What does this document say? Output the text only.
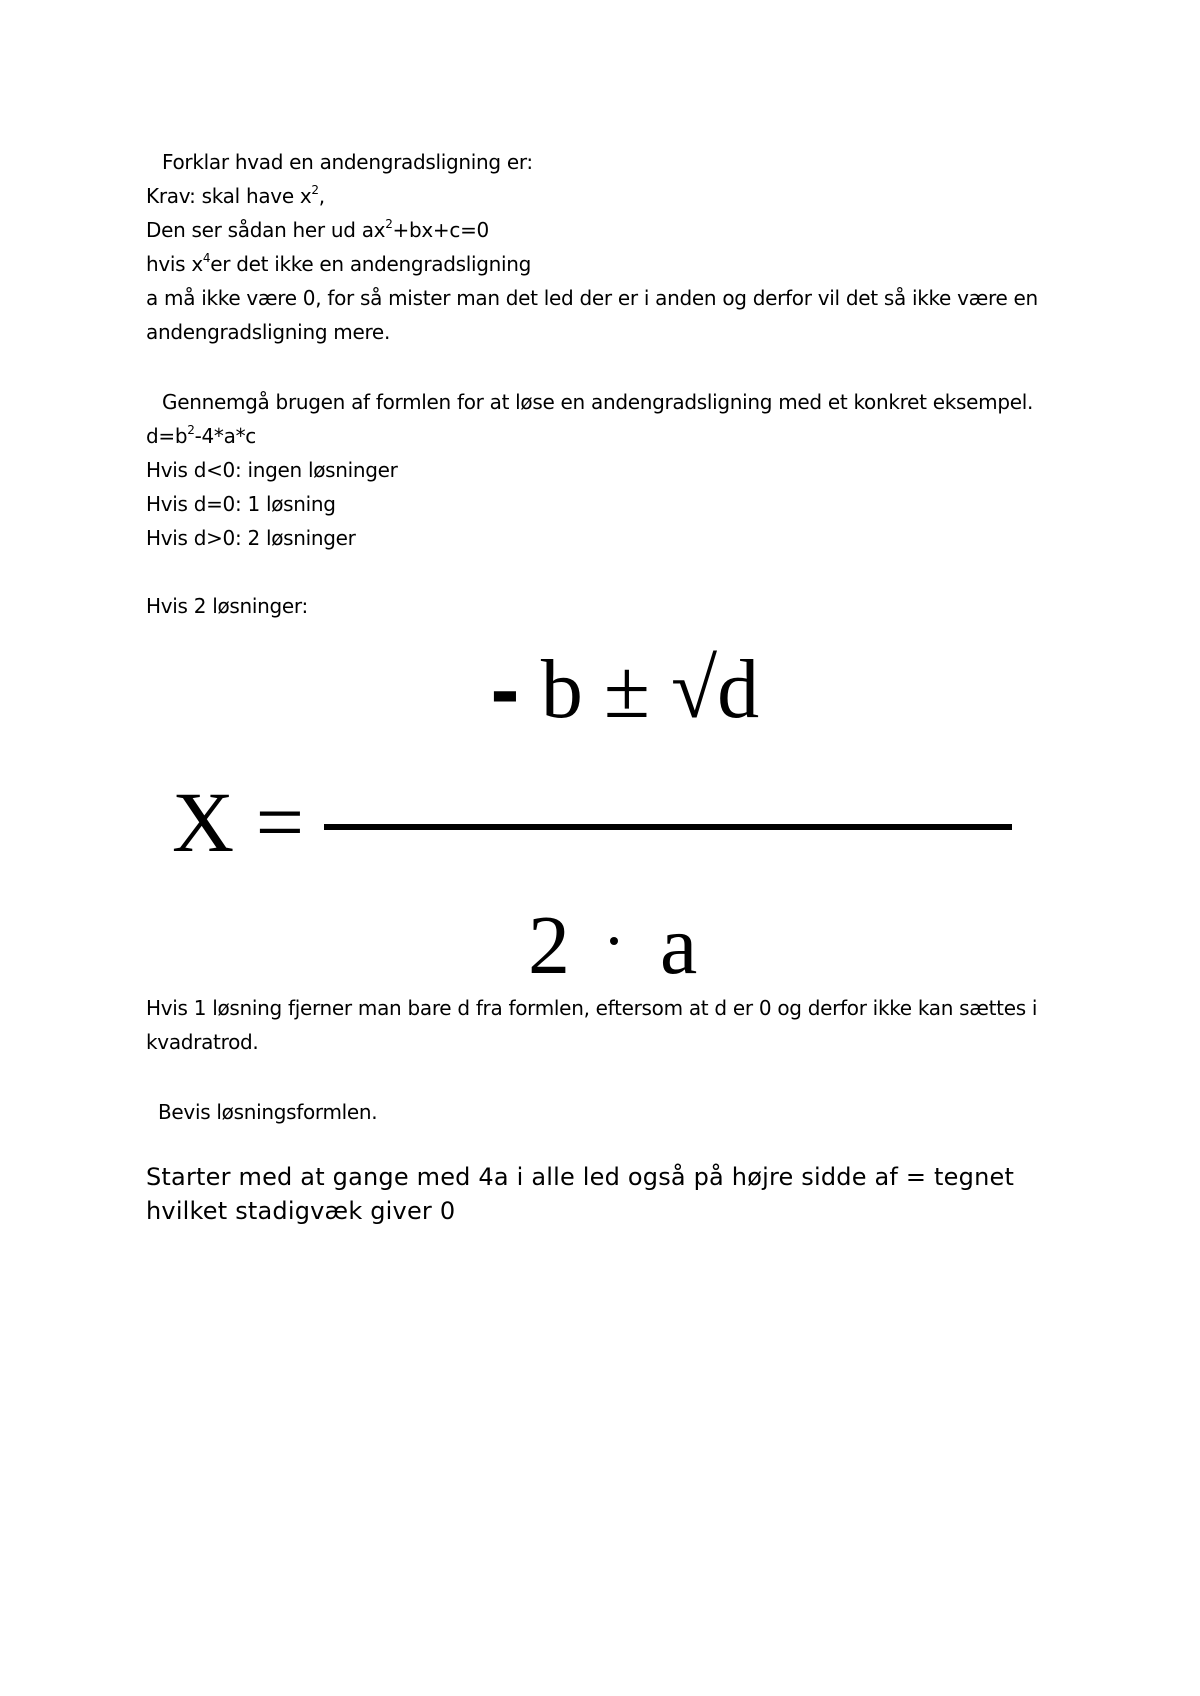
Forklar hvad en andengradsligning er:
Krav: skal have $x^2$,
Den ser sådan her ud $ax^2+bx+c=0$
hvis $x^4er$ det ikke en andengradsligning
a må ikke være 0, for så mister man det led der er i anden og derfor vil det så ikke være en
andengradsligning mere.
Gennemgå brugen af formlen for at løse en andengradsligning med et konkret eksempel.
$d=b^2-4*a*c$
Hvis d<0: ingen løsninger
Hvis d=0: 1 løsning
Hvis d>0: 2 løsninger
Hvis 2 løsninger:
- b ± √d
X =
2 a
Hvis 1 løsning fjerner man bare d fra formlen, eftersom at d er 0 og derfor ikke kan sættes i
kvadratrod.
Bevis løsningsformlen.
Starter med at gange med 4a i alle led også på højre sidde af = tegnet
hvilket stadigvæk giver 0
